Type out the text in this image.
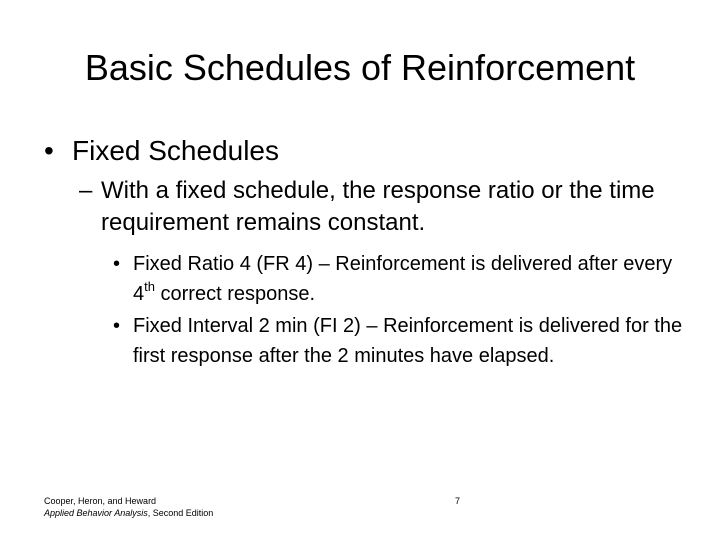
Basic Schedules of Reinforcement
• Fixed Schedules
– With a fixed schedule, the response ratio or the time requirement remains constant.
• Fixed Ratio 4 (FR 4) – Reinforcement is delivered after every 4th correct response.
• Fixed Interval 2 min (FI 2) – Reinforcement is delivered for the first response after the 2 minutes have elapsed.
Cooper, Heron, and Heward
Applied Behavior Analysis, Second Edition
7
